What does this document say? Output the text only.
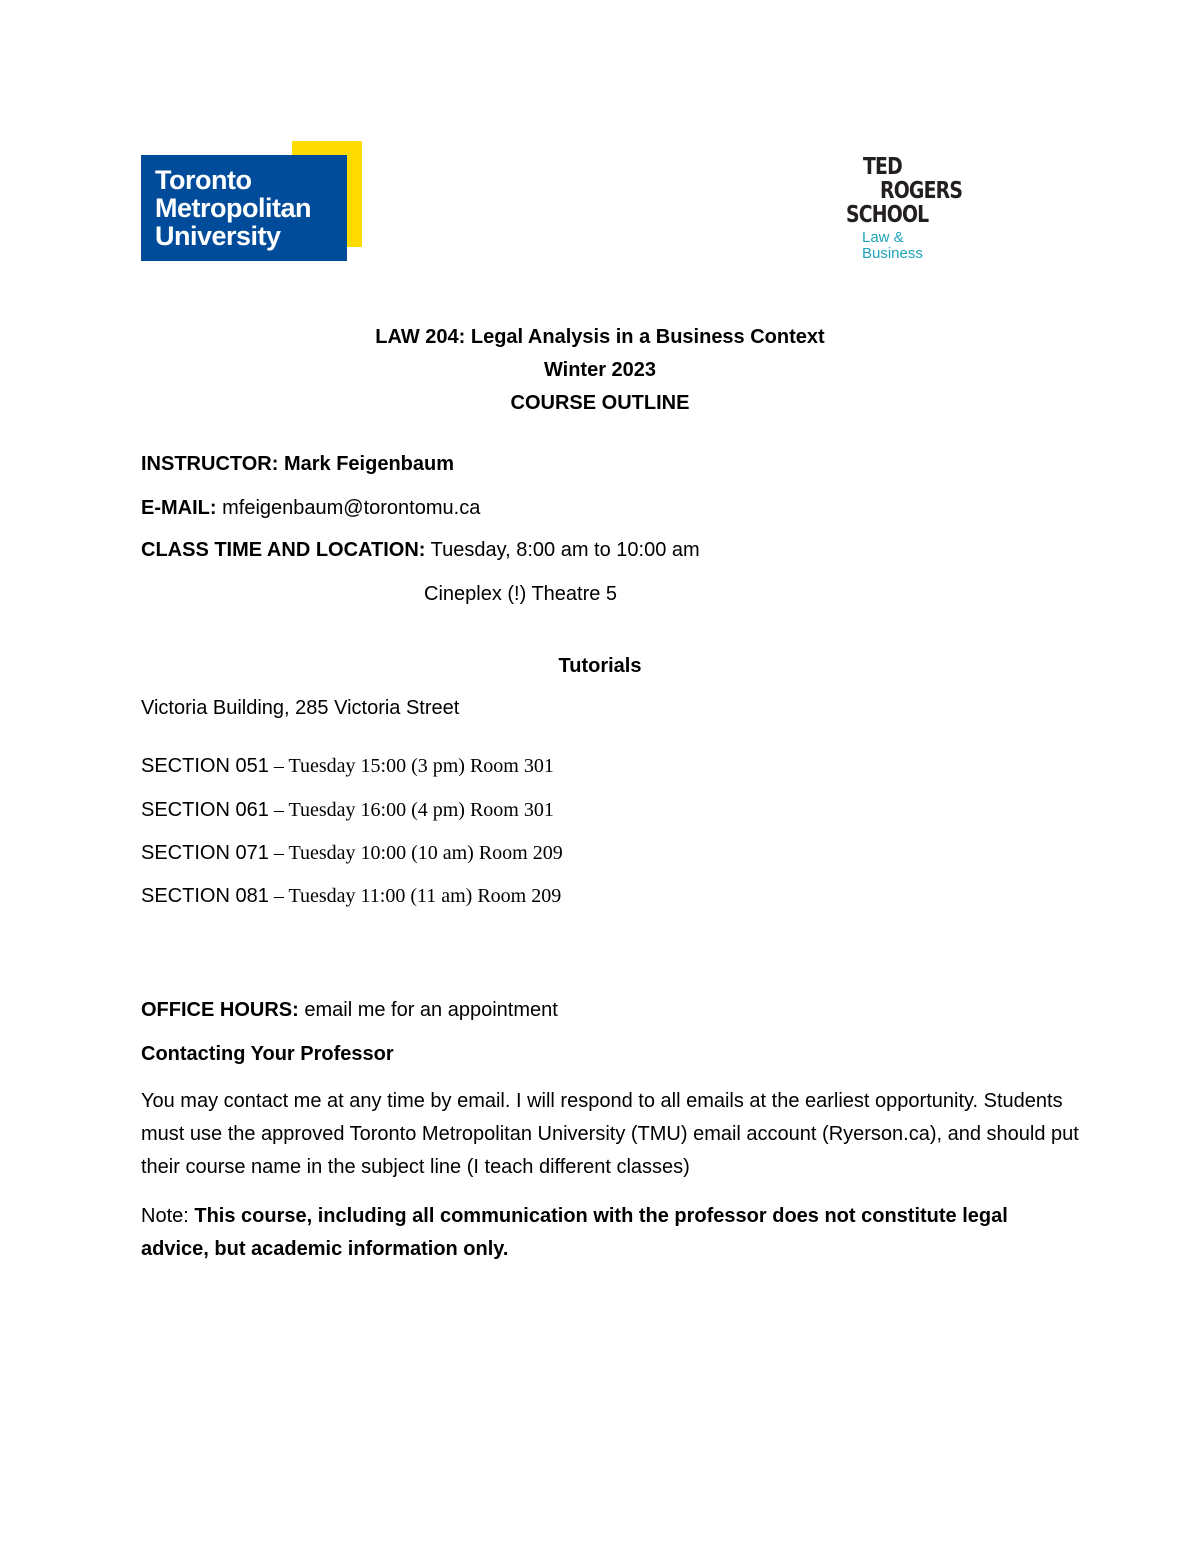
Toronto
Metropolitan
University
TED
ROGERS
SCHOOL
Law &
Business
LAW 204: Legal Analysis in a Business Context
Winter 2023
COURSE OUTLINE
INSTRUCTOR: Mark Feigenbaum
E-MAIL: mfeigenbaum@torontomu.ca
CLASS TIME AND LOCATION: Tuesday, 8:00 am to 10:00 am
Cineplex (!) Theatre 5
Tutorials
Victoria Building, 285 Victoria Street
SECTION 051 – Tuesday 15:00 (3 pm) Room 301
SECTION 061 – Tuesday 16:00 (4 pm) Room 301
SECTION 071 – Tuesday 10:00 (10 am) Room 209
SECTION 081 – Tuesday 11:00 (11 am) Room 209
OFFICE HOURS: email me for an appointment
Contacting Your Professor
You may contact me at any time by email. I will respond to all emails at the earliest opportunity. Students must use the approved Toronto Metropolitan University (TMU) email account (Ryerson.ca), and should put their course name in the subject line (I teach different classes)
Note: This course, including all communication with the professor does not constitute legal advice, but academic information only.
